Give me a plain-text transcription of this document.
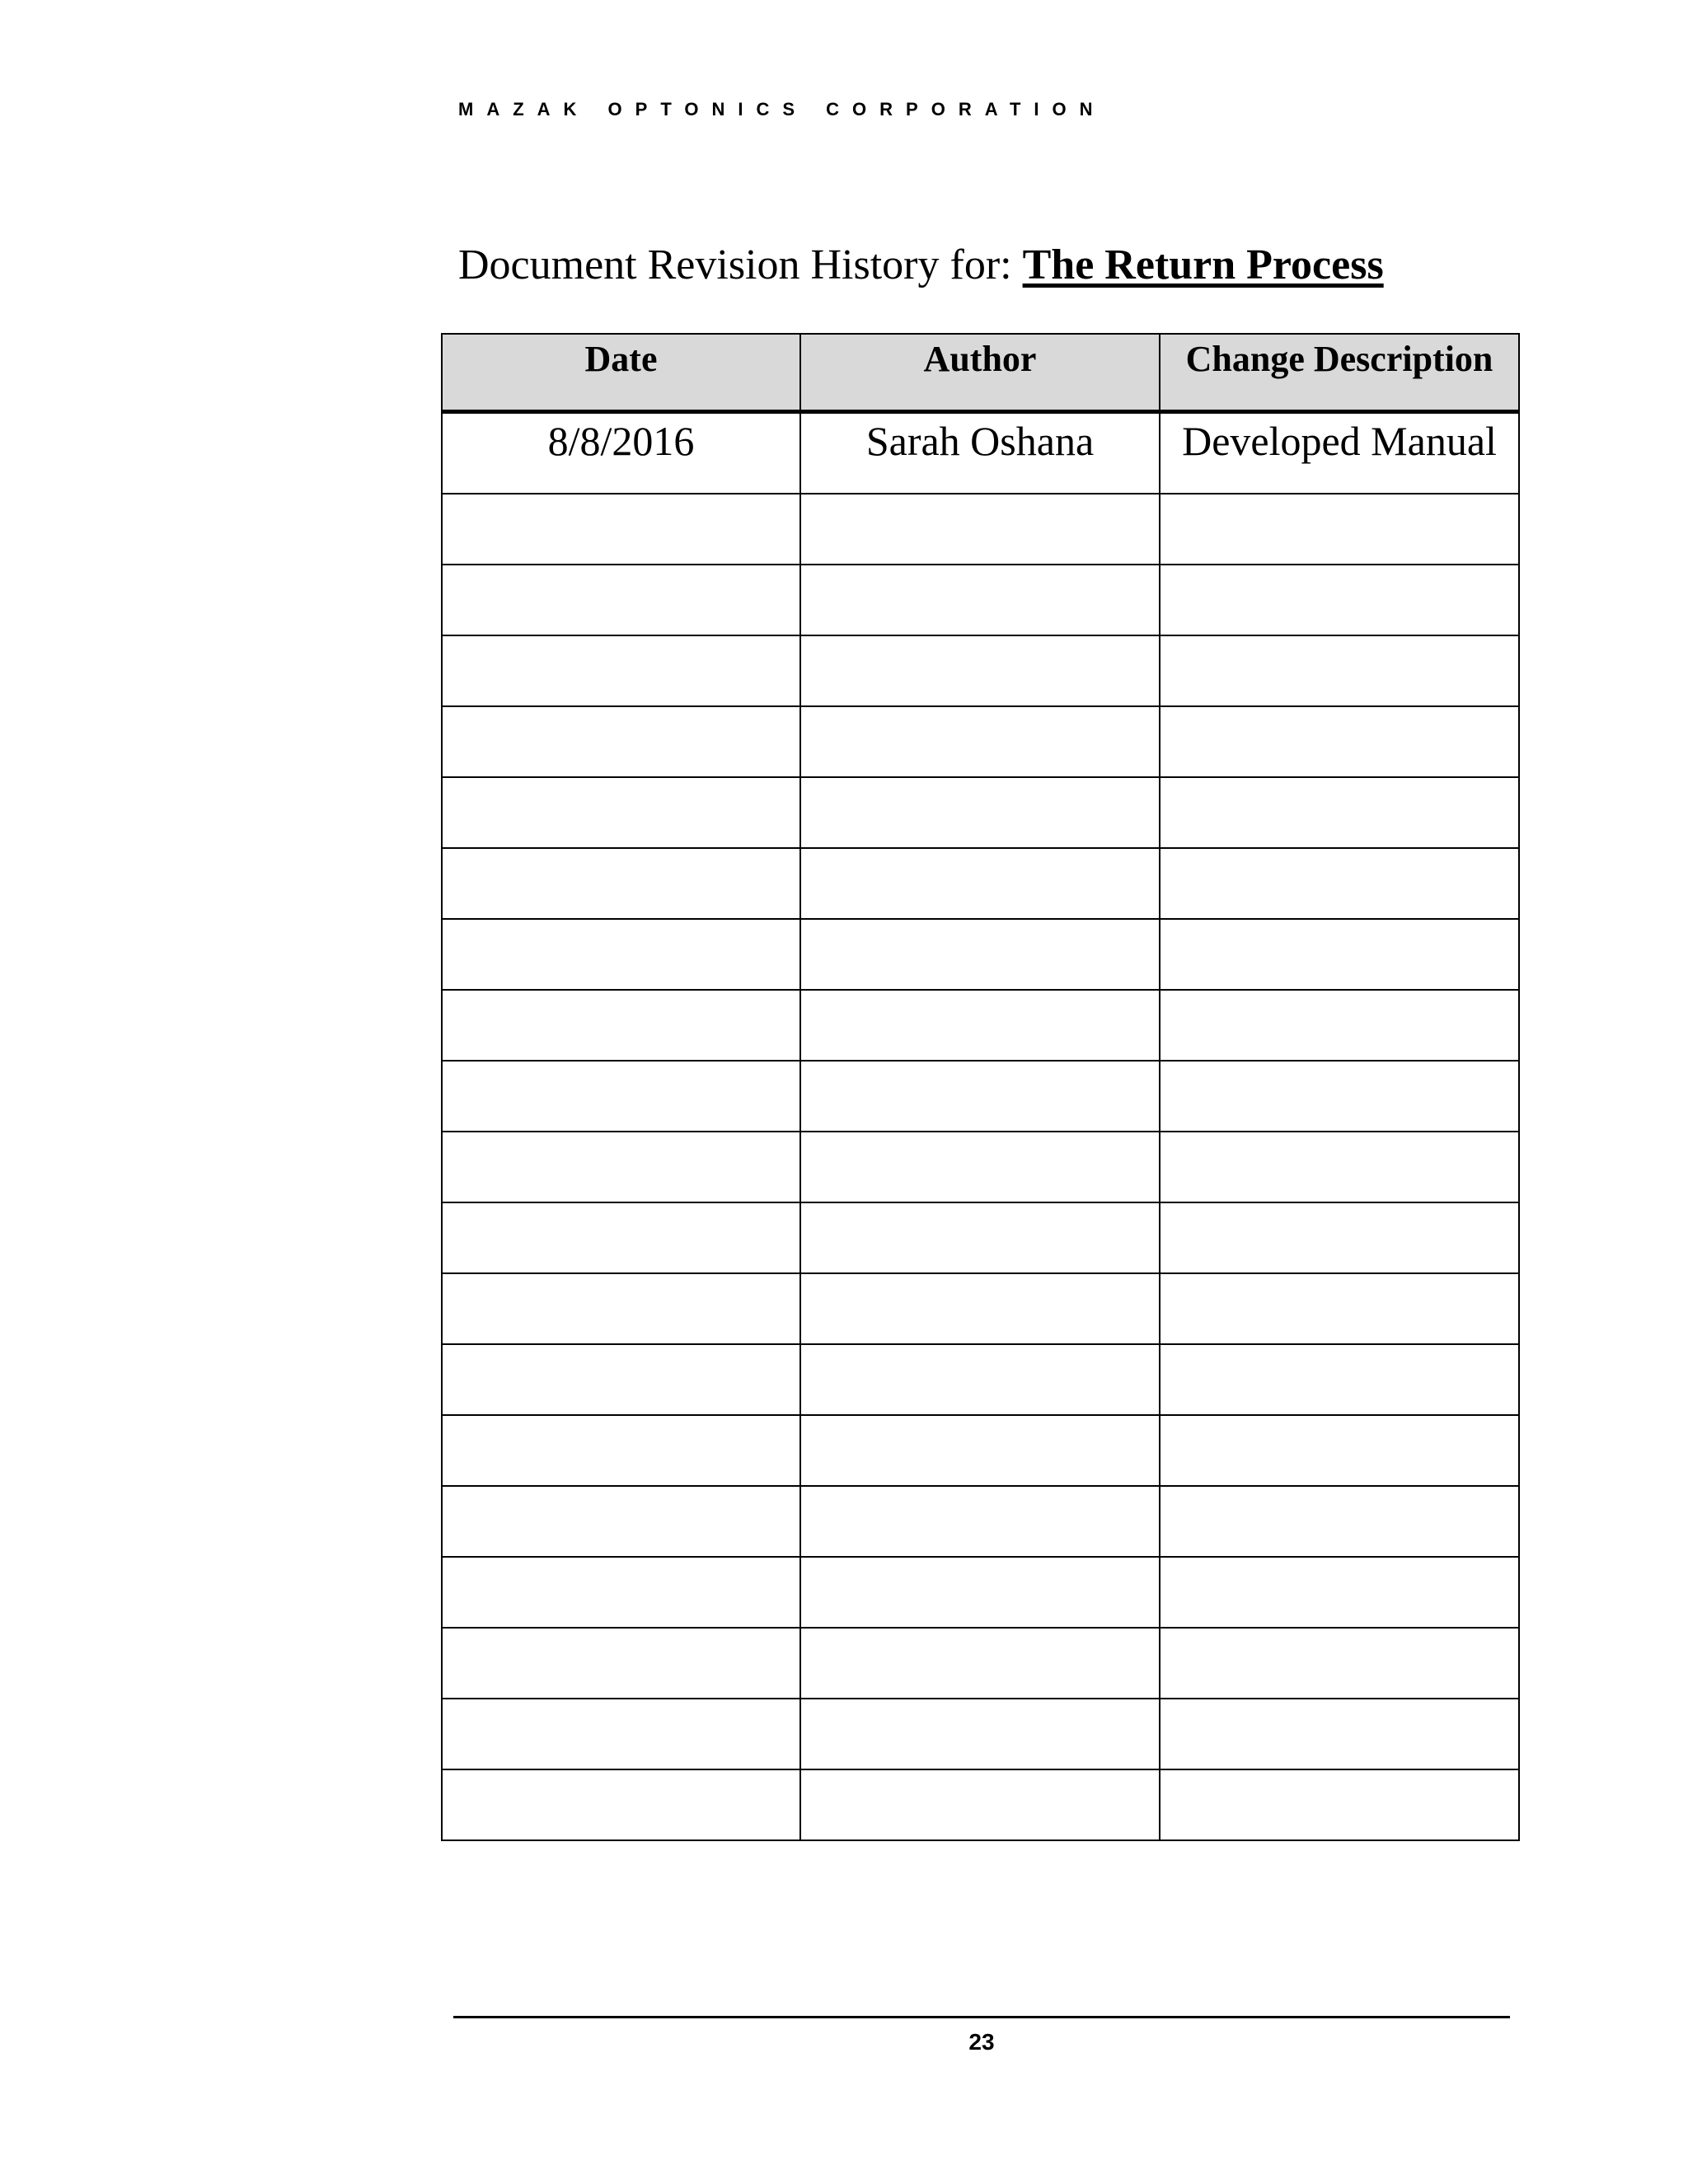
MAZAK OPTONICS CORPORATION
Document Revision History for: The Return Process
Date	Author	Change Description
8/8/2016	Sarah Oshana	Developed Manual

23
